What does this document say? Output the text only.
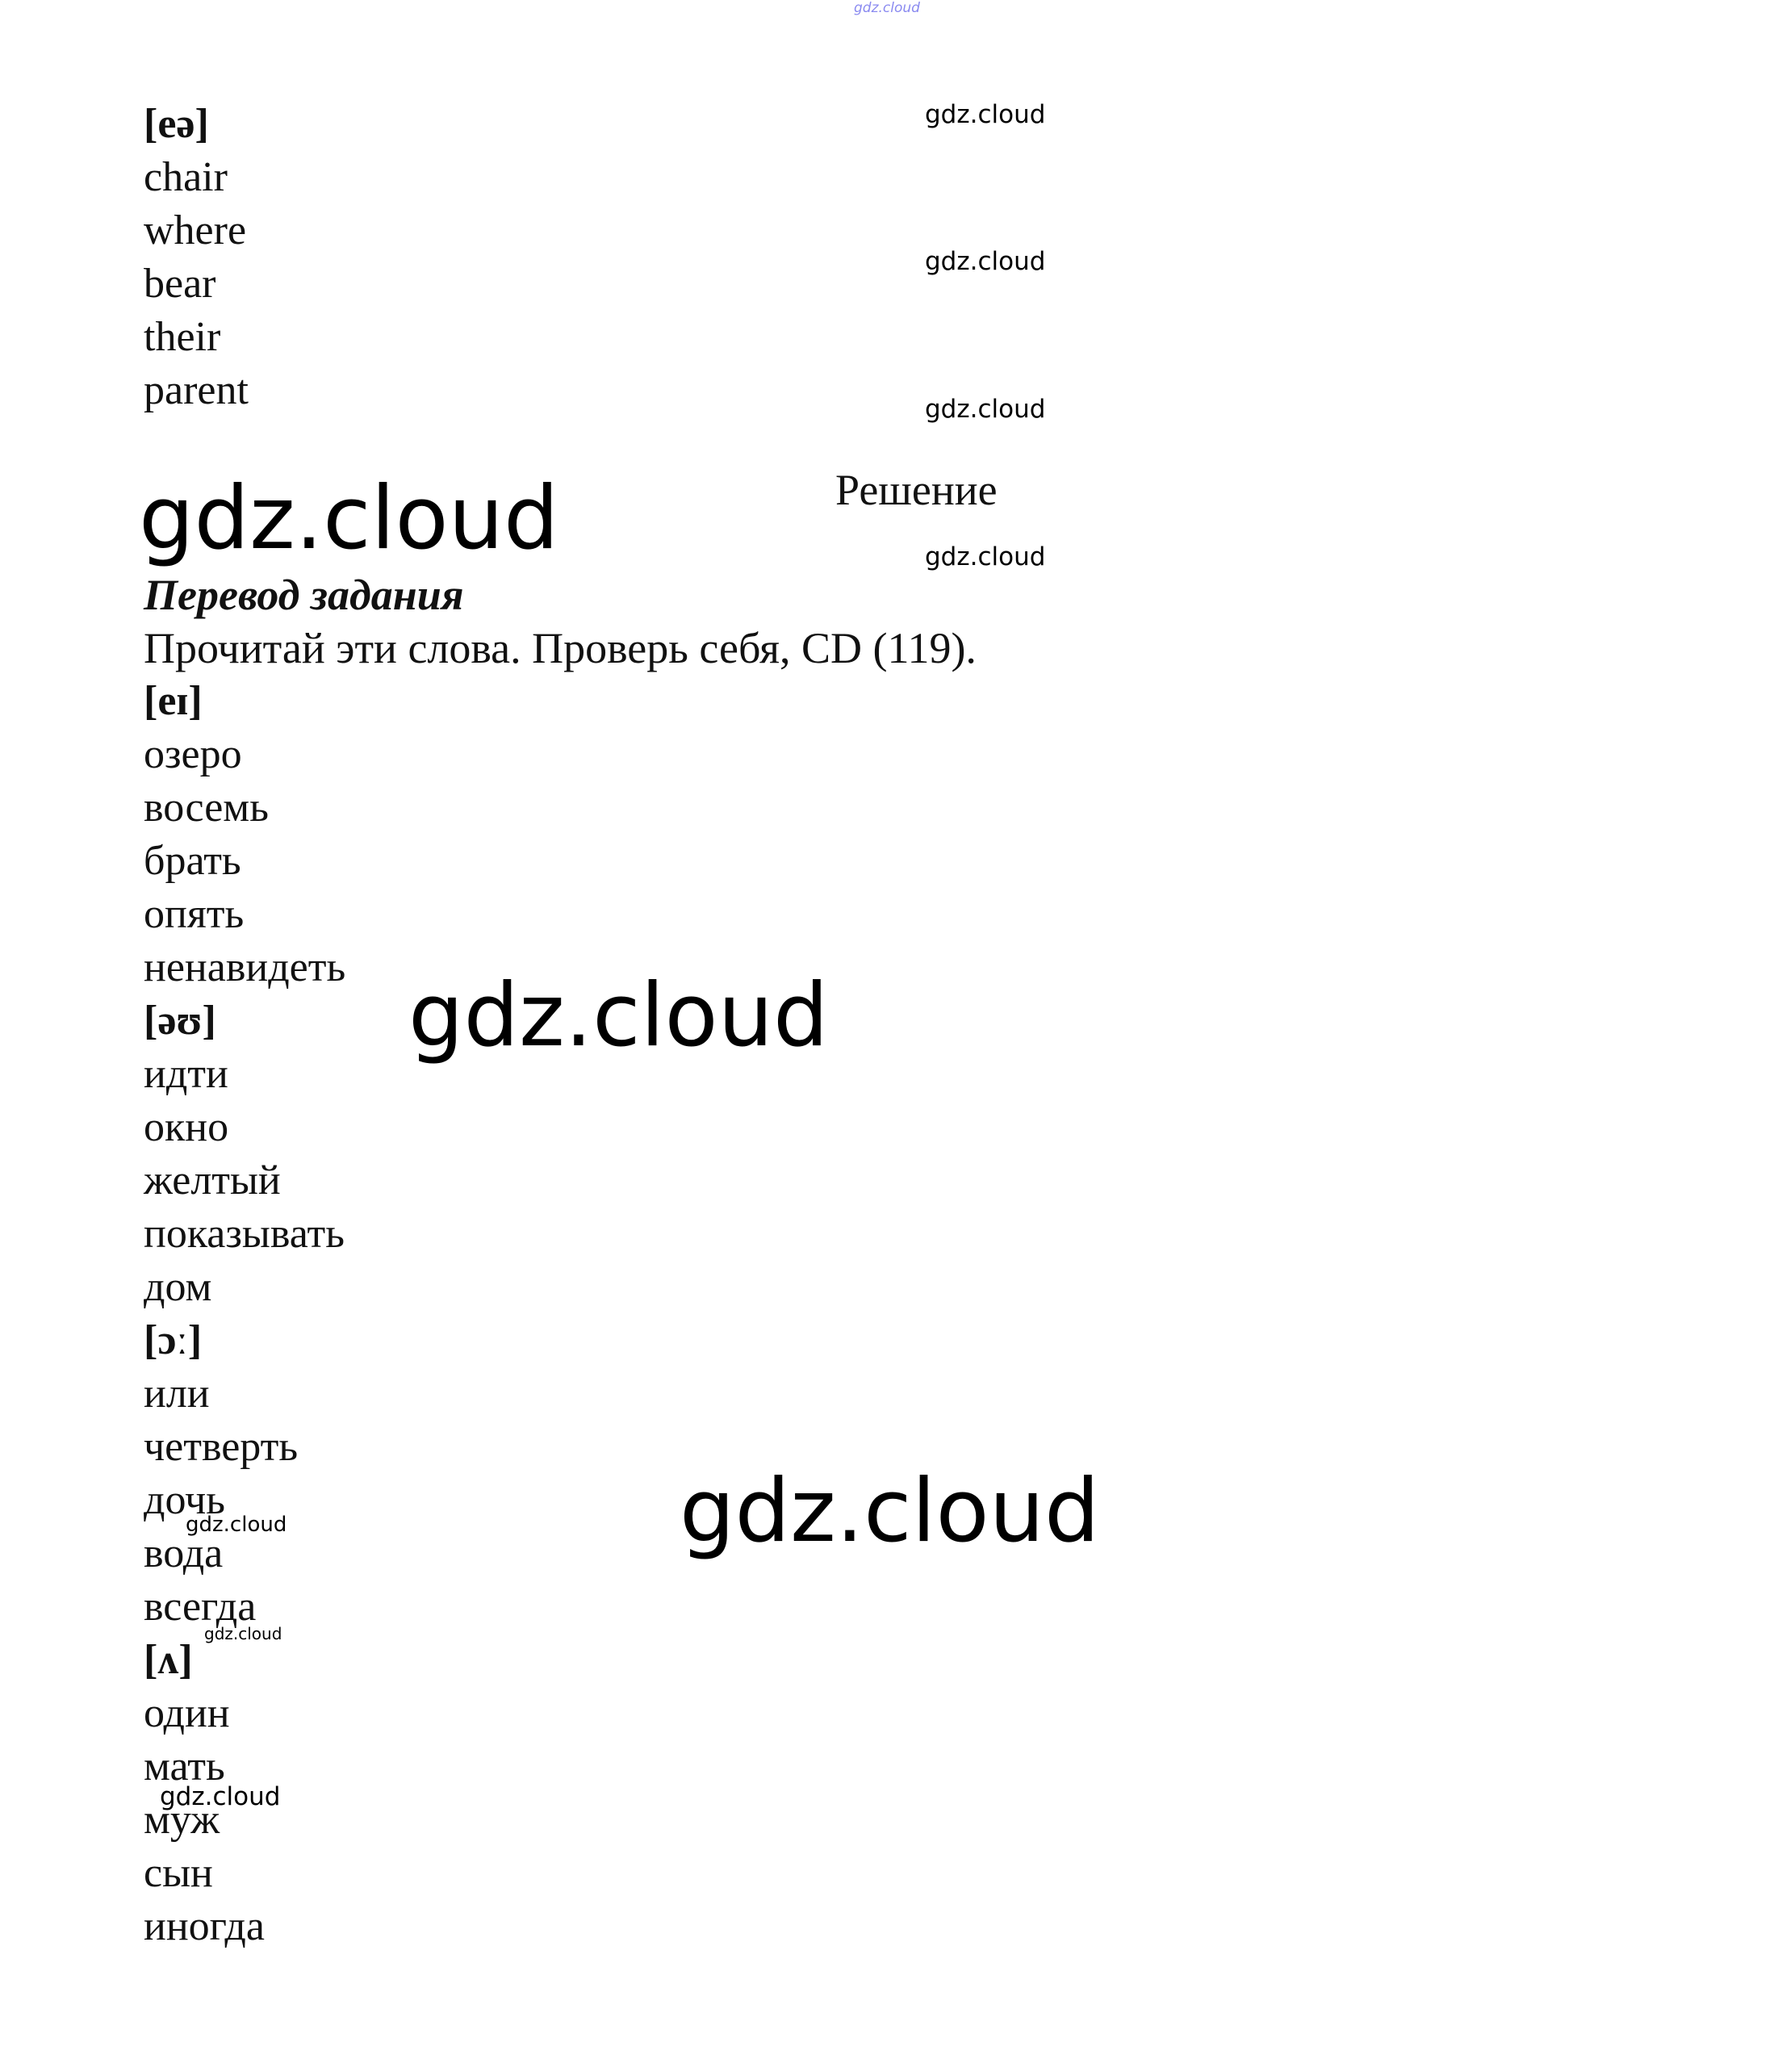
gdz.cloud
[eə]
chair
where
bear
their
parent
gdz.cloud
gdz.cloud
gdz.cloud
gdz.cloud
Решение
gdz.cloud
Перевод задания
Прочитай эти слова. Проверь себя, CD (119).
[eɪ]
озеро
восемь
брать
опять
ненавидеть
[əʊ]
идти
окно
желтый
показывать
дом
gdz.cloud
[ɔː]
или
четверть
дочь
вода
всегда
gdz.cloud
gdz.cloud
gdz.cloud
[ʌ]
один
мать
муж
сын
иногда
gdz.cloud
